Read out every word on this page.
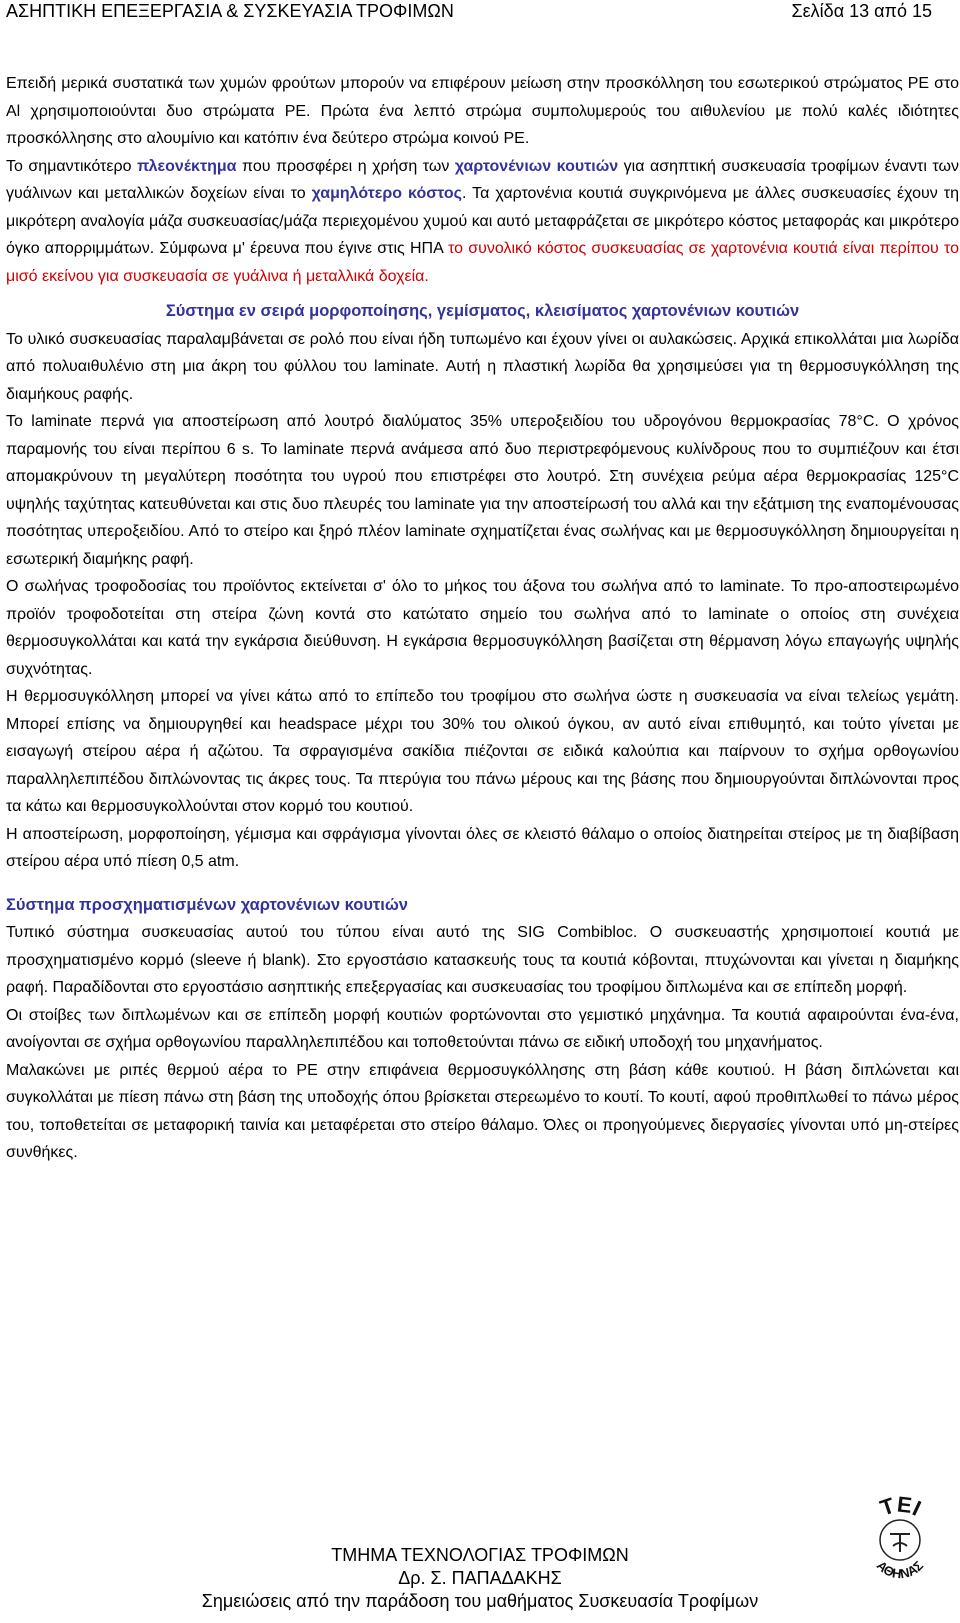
ΑΣΗΠΤΙΚΗ ΕΠΕΞΕΡΓΑΣΙΑ & ΣΥΣΚΕΥΑΣΙΑ ΤΡΟΦΙΜΩΝ	Σελίδα 13 από 15

Επειδή μερικά συστατικά των χυμών φρούτων μπορούν να επιφέρουν μείωση στην προσκόλληση του εσωτερικού στρώματος PE στο Al χρησιμοποιούνται δυο στρώματα PE. Πρώτα ένα λεπτό στρώμα συμπολυμερούς του αιθυλενίου με πολύ καλές ιδιότητες προσκόλλησης στο αλουμίνιο και κατόπιν ένα δεύτερο στρώμα κοινού PE.

Το σημαντικότερο πλεονέκτημα που προσφέρει η χρήση των χαρτονένιων κουτιών για ασηπτική συσκευασία τροφίμων έναντι των γυάλινων και μεταλλικών δοχείων είναι το χαμηλότερο κόστος. Τα χαρτονένια κουτιά συγκρινόμενα με άλλες συσκευασίες έχουν τη μικρότερη αναλογία μάζα συσκευασίας/μάζα περιεχομένου χυμού και αυτό μεταφράζεται σε μικρότερο κόστος μεταφοράς και μικρότερο όγκο απορριμμάτων. Σύμφωνα μ' έρευνα που έγινε στις ΗΠΑ το συνολικό κόστος συσκευασίας σε χαρτονένια κουτιά είναι περίπου το μισό εκείνου για συσκευασία σε γυάλινα ή μεταλλικά δοχεία.

Σύστημα εν σειρά μορφοποίησης, γεμίσματος, κλεισίματος χαρτονένιων κουτιών

Το υλικό συσκευασίας παραλαμβάνεται σε ρολό που είναι ήδη τυπωμένο και έχουν γίνει οι αυλακώσεις. Αρχικά επικολλάται μια λωρίδα από πολυαιθυλένιο στη μια άκρη του φύλλου του laminate. Αυτή η πλαστική λωρίδα θα χρησιμεύσει για τη θερμοσυγκόλληση της διαμήκους ραφής.

Το laminate περνά για αποστείρωση από λουτρό διαλύματος 35% υπεροξειδίου του υδρογόνου θερμοκρασίας 78°C. Ο χρόνος παραμονής του είναι περίπου 6 s. To laminate περνά ανάμεσα από δυο περιστρεφόμενους κυλίνδρους που το συμπιέζουν και έτσι απομακρύνουν τη μεγαλύτερη ποσότητα του υγρού που επιστρέφει στο λουτρό. Στη συνέχεια ρεύμα αέρα θερμοκρασίας 125°C υψηλής ταχύτητας κατευθύνεται και στις δυο πλευρές του laminate για την αποστείρωσή του αλλά και την εξάτμιση της εναπομένουσας ποσότητας υπεροξειδίου. Από το στείρο και ξηρό πλέον laminate σχηματίζεται ένας σωλήνας και με θερμοσυγκόλληση δημιουργείται η εσωτερική διαμήκης ραφή.

Ο σωλήνας τροφοδοσίας του προϊόντος εκτείνεται σ' όλο το μήκος του άξονα του σωλήνα από το laminate. Το προ-αποστειρωμένο προϊόν τροφοδοτείται στη στείρα ζώνη κοντά στο κατώτατο σημείο του σωλήνα από το laminate ο οποίος στη συνέχεια θερμοσυγκολλάται και κατά την εγκάρσια διεύθυνση. Η εγκάρσια θερμοσυγκόλληση βασίζεται στη θέρμανση λόγω επαγωγής υψηλής συχνότητας.

Η θερμοσυγκόλληση μπορεί να γίνει κάτω από το επίπεδο του τροφίμου στο σωλήνα ώστε η συσκευασία να είναι τελείως γεμάτη. Μπορεί επίσης να δημιουργηθεί και headspace μέχρι του 30% του ολικού όγκου, αν αυτό είναι επιθυμητό, και τούτο γίνεται με εισαγωγή στείρου αέρα ή αζώτου. Τα σφραγισμένα σακίδια πιέζονται σε ειδικά καλούπια και παίρνουν το σχήμα ορθογωνίου παραλληλεπιπέδου διπλώνοντας τις άκρες τους. Τα πτερύγια του πάνω μέρους και της βάσης που δημιουργούνται διπλώνονται προς τα κάτω και θερμοσυγκολλούνται στον κορμό του κουτιού.

Η αποστείρωση, μορφοποίηση, γέμισμα και σφράγισμα γίνονται όλες σε κλειστό θάλαμο ο οποίος διατηρείται στείρος με τη διαβίβαση στείρου αέρα υπό πίεση 0,5 atm.

Σύστημα προσχηματισμένων χαρτονένιων κουτιών

Τυπικό σύστημα συσκευασίας αυτού του τύπου είναι αυτό της SIG Combibloc. Ο συσκευαστής χρησιμοποιεί κουτιά με προσχηματισμένο κορμό (sleeve ή blank). Στο εργοστάσιο κατασκευής τους τα κουτιά κόβονται, πτυχώνονται και γίνεται η διαμήκης ραφή. Παραδίδονται στο εργοστάσιο ασηπτικής επεξεργασίας και συσκευασίας του τροφίμου διπλωμένα και σε επίπεδη μορφή.

Οι στοίβες των διπλωμένων και σε επίπεδη μορφή κουτιών φορτώνονται στο γεμιστικό μηχάνημα. Τα κουτιά αφαιρούνται ένα-ένα, ανοίγονται σε σχήμα ορθογωνίου παραλληλεπιπέδου και τοποθετούνται πάνω σε ειδική υποδοχή του μηχανήματος.

Μαλακώνει με ριπές θερμού αέρα το PE στην επιφάνεια θερμοσυγκόλλησης στη βάση κάθε κουτιού. Η βάση διπλώνεται και συγκολλάται με πίεση πάνω στη βάση της υποδοχής όπου βρίσκεται στερεωμένο το κουτί. Το κουτί, αφού προθιπλωθεί το πάνω μέρος του, τοποθετείται σε μεταφορική ταινία και μεταφέρεται στο στείρο θάλαμο. Όλες οι προηγούμενες διεργασίες γίνονται υπό μη-στείρες συνθήκες.

ΤΕΙ
ΑΘΗΝΑΣ
ΤΜΗΜΑ ΤΕΧΝΟΛΟΓΙΑΣ ΤΡΟΦΙΜΩΝ
Δρ. Σ. ΠΑΠΑΔΑΚΗΣ
Σημειώσεις από την παράδοση του μαθήματος Συσκευασία Τροφίμων
